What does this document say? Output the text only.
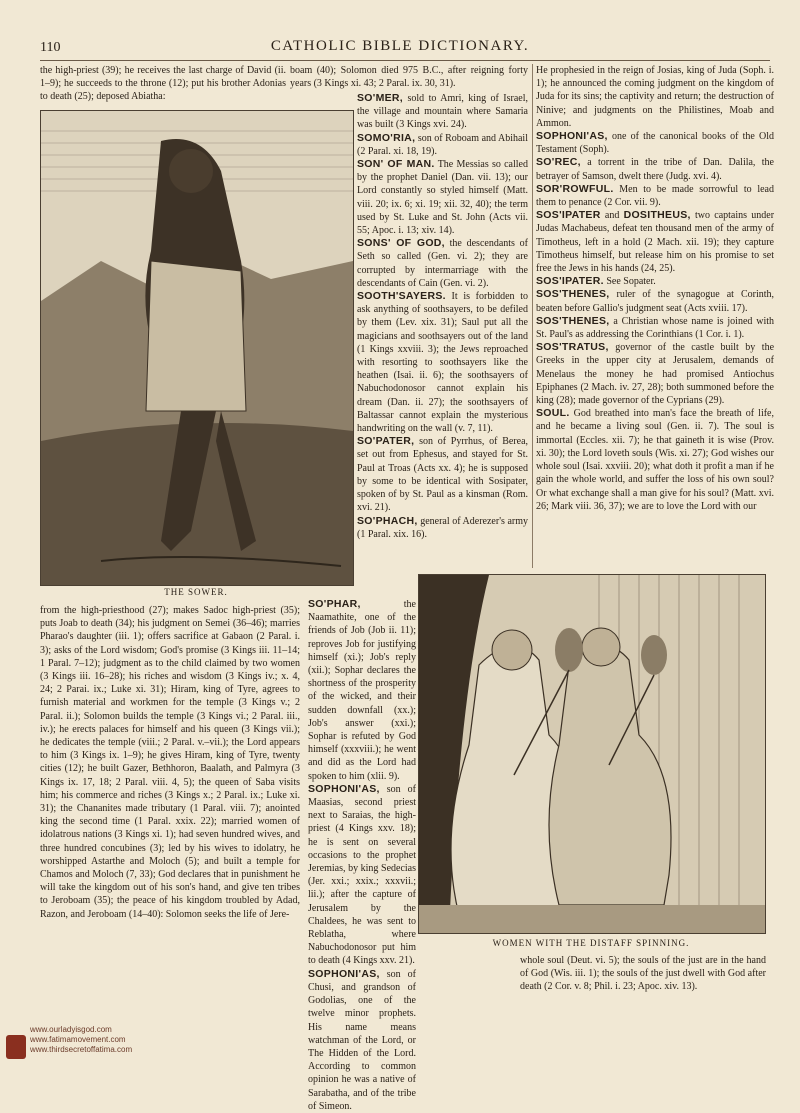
110	CATHOLIC BIBLE DICTIONARY.

the high-priest (39); he receives the last charge of David (ii. 1–9); he succeeds to the throne (12); put his brother Adonias to death (25); deposed Abiatha:

THE SOWER.

from the high-priesthood (27); makes Sadoc high-priest (35); puts Joab to death (34); his judgment on Semei (36–46); marries Pharao's daughter (iii. 1); offers sacrifice at Gabaon (2 Paral. i. 3); asks of the Lord wisdom; God's promise (3 Kings iii. 11–14; 1 Paral. 7–12); judgment as to the child claimed by two women (3 Kings iii. 16–28); his riches and wisdom (3 Kings iv.; x. 4, 24; 2 Parai. ix.; Luke xi. 31); Hiram, king of Tyre, agrees to furnish material and workmen for the temple (3 Kings v.; 2 Paral. ii.); Solomon builds the temple (3 Kings vi.; 2 Paral. iii., iv.); he erects palaces for himself and his queen (3 Kings vii.); he dedicates the temple (viii.; 2 Paral. v.–vii.); the Lord appears to him (3 Kings ix. 1–9); he gives Hiram, king of Tyre, twenty cities (12); he built Gazer, Bethhoron, Baalath, and Palmyra (3 Kings ix. 17, 18; 2 Paral. viii. 4, 5); the queen of Saba visits him; his commerce and riches (3 Kings x.; 2 Paral. ix.; Luke xi. 31); the Chananites made tributary (1 Paral. viii. 7); anointed king the second time (1 Paral. xxix. 22); married women of idolatrous nations (3 Kings xi. 1); had seven hundred wives, and three hundred concubines (3); led by his wives to idolatry, he worshipped Astarthe and Moloch (5); and built a temple for Chamos and Moloch (7, 33); God declares that in punishment he will take the kingdom out of his son's hand, and give ten tribes to Jeroboam (35); the peace of his kingdom troubled by Adad, Razon, and Jeroboam (14–40): Solomon seeks the life of Jere-

boam (40); Solomon died 975 B.C., after reigning forty years (3 Kings xi. 43; 2 Paral. ix. 30, 31).

SO'MER, sold to Amri, king of Israel, the village and mountain where Samaria was built (3 Kings xvi. 24).

SOMO'RIA, son of Roboam and Abihail (2 Paral. xi. 18, 19).

SON' OF MAN. The Messias so called by the prophet Daniel (Dan. vii. 13); our Lord constantly so styled himself (Matt. viii. 20; ix. 6; xi. 19; xii. 32, 40); the term used by St. Luke and St. John (Acts vii. 55; Apoc. i. 13; xiv. 14).

SONS' OF GOD, the descendants of Seth so called (Gen. vi. 2); they are corrupted by intermarriage with the descendants of Cain (Gen. vi. 2).

SOOTH'SAYERS. It is forbidden to ask anything of soothsayers, to be defiled by them (Lev. xix. 31); Saul put all the magicians and soothsayers out of the land (1 Kings xxviii. 3); the Jews reproached with resorting to soothsayers like the heathen (Isai. ii. 6); the soothsayers of Nabuchodonosor cannot explain his dream (Dan. ii. 27); the soothsayers of Baltassar cannot explain the mysterious handwriting on the wall (v. 7, 11).

SO'PATER, son of Pyrrhus, of Berea, set out from Ephesus, and stayed for St. Paul at Troas (Acts xx. 4); he is supposed by some to be identical with Sosipater, spoken of by St. Paul as a kinsman (Rom. xvi. 21).

SO'PHACH, general of Aderezer's army (1 Paral. xix. 16).

SO'PHAR,	the Naamathite, one of the friends of Job (Job ii. 11); reproves Job for justifying himself (xi.); Job's reply (xii.); Sophar declares the shortness of the prosperity of the wicked, and their sudden downfall (xx.); Job's answer (xxi.); Sophar is refuted by God himself (xxxviii.); he went and did as the Lord had spoken to him (xlii. 9).

SOPHONI'AS, son of Maasias, second priest next to Saraias, the high-priest (4 Kings xxv. 18); he is sent on several occasions to the prophet Jeremias, by king Sedecias (Jer. xxi.; xxix.; xxxvii.; lii.); after the capture of Jerusalem by the Chaldees, he was sent to Reblatha, where Nabuchodonosor put him to death (4 Kings xxv. 21).

SOPHONI'AS, son of Chusi, and grandson of Godolias, one of the twelve minor prophets. His name means watchman of the Lord, or The Hidden of the Lord. According to common opinion he was a native of Sarabatha, and of the tribe of Simeon.

He prophesied in the reign of Josias, king of Juda (Soph. i. 1); he announced the coming judgment on the kingdom of Juda for its sins; the captivity and return; the destruction of Ninive; and judgments on the Philistines, Moab and Ammon.

SOPHONI'AS, one of the canonical books of the Old Testament (Soph).

SO'REC, a torrent in the tribe of Dan. Dalila, the betrayer of Samson, dwelt there (Judg. xvi. 4).

SOR'ROWFUL. Men to be made sorrowful to lead them to penance (2 Cor. vii. 9).

SOS'IPATER and DOSITHEUS, two captains under Judas Machabeus, defeat ten thousand men of the army of Timotheus, left in a hold (2 Mach. xii. 19); they capture Timotheus himself, but release him on his promise to set free the Jews in his hands (24, 25).

SOS'IPATER. See Sopater.

SOS'THENES, ruler of the synagogue at Corinth, beaten before Gallio's judgment seat (Acts xviii. 17).

SOS'THENES, a Christian whose name is joined with St. Paul's as addressing the Corinthians (1 Cor. i. 1).

SOS'TRATUS, governor of the castle built by the Greeks in the upper city at Jerusalem, demands of Menelaus the money he had promised Antiochus Epiphanes (2 Mach. iv. 27, 28); both summoned before the king (28); made governor of the Cyprians (29).

SOUL. God breathed into man's face the breath of life, and he became a living soul (Gen. ii. 7). The soul is immortal (Eccles. xii. 7); he that gaineth it is wise (Prov. xi. 30); the Lord loveth souls (Wis. xi. 27); God wishes our whole soul (Isai. xxviii. 20); what doth it profit a man if he gain the whole world, and suffer the loss of his own soul? Or what exchange shall a man give for his soul? (Matt. xvi. 26; Mark viii. 36, 37); we are to love the Lord with our

WOMEN WITH THE DISTAFF SPINNING.

whole soul (Deut. vi. 5); the souls of the just are in the hand of God (Wis. iii. 1); the souls of the just dwell with God after death (2 Cor. v. 8; Phil. i. 23; Apoc. xiv. 13).

www.ourladyisgod.com
www.fatimamovement.com
www.thirdsecretoffatima.com
